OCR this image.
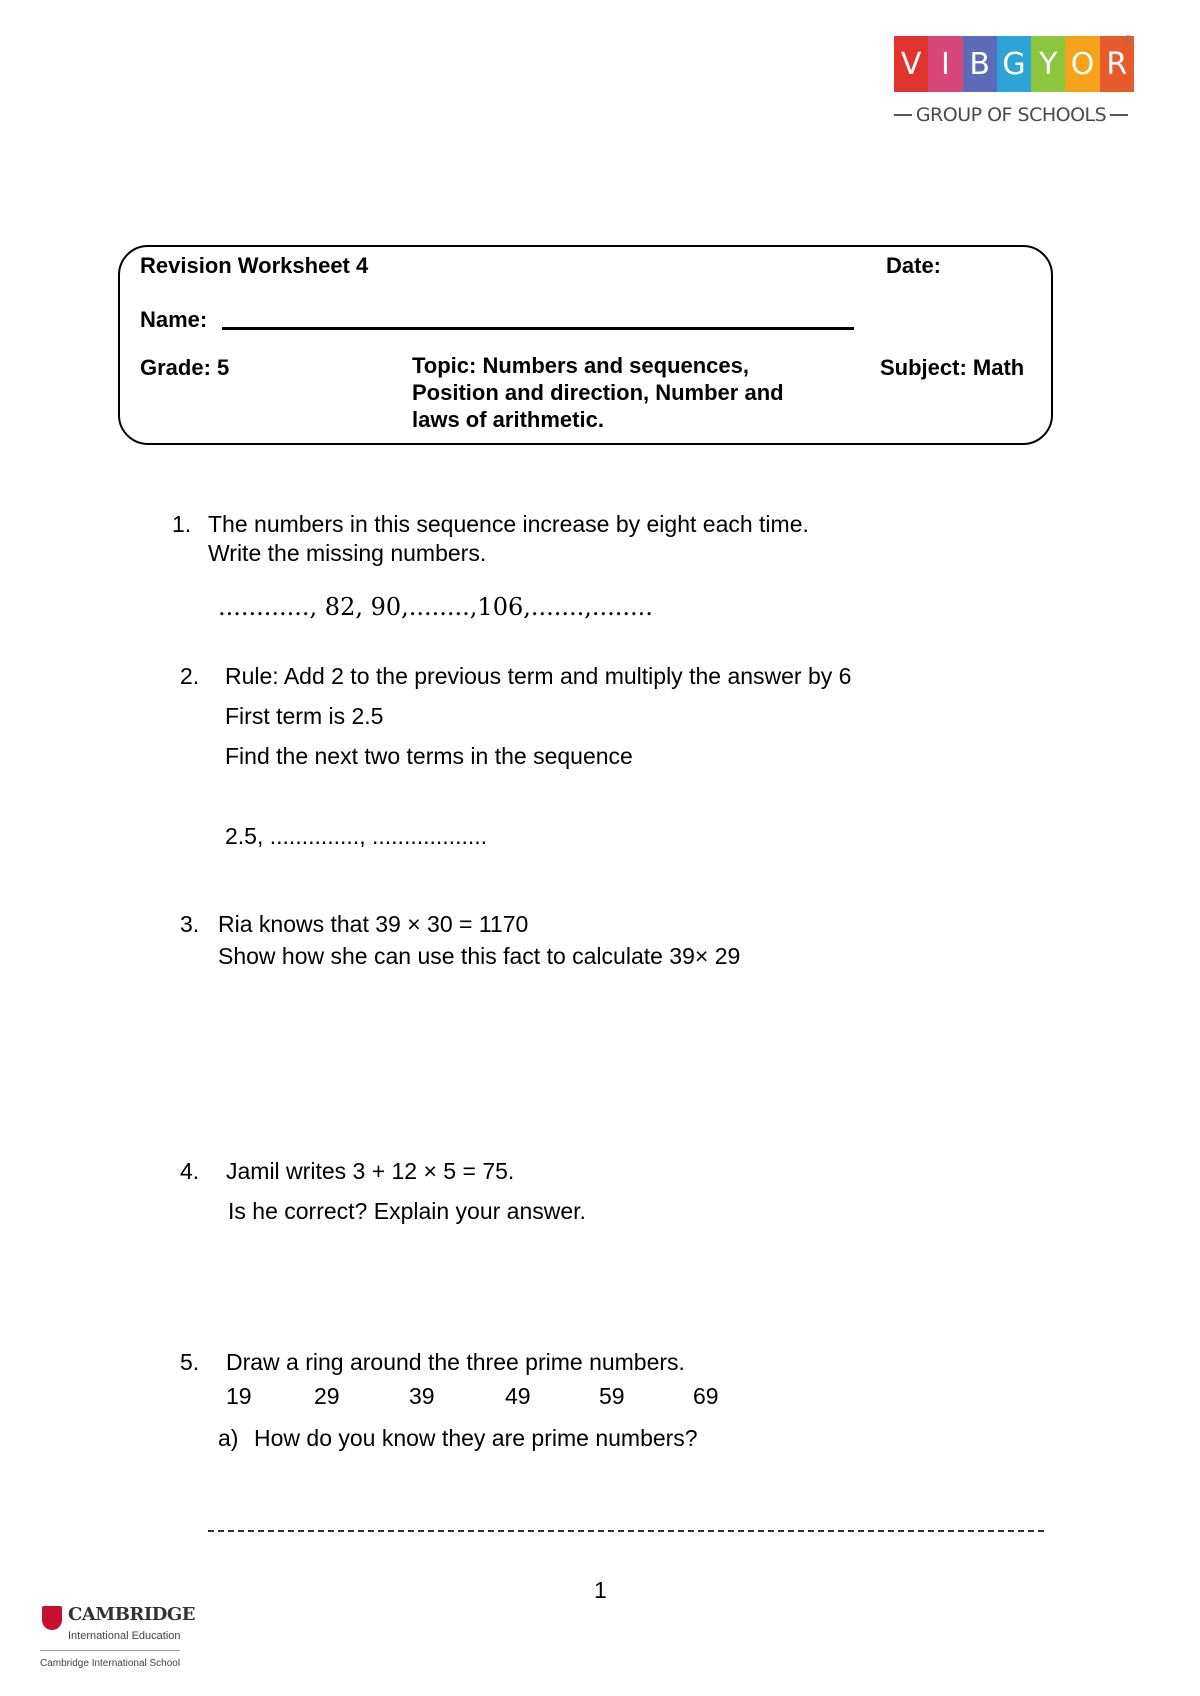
V I B G Y O R
GROUP OF SCHOOLS
®
Revision Worksheet 4	Date:
Name:
Grade: 5	Topic: Numbers and sequences,
Position and direction, Number and
laws of arithmetic.
Subject: Math
1. The numbers in this sequence increase by eight each time.
Write the missing numbers.
............, 82, 90,........,106,.......,........
2. Rule: Add 2 to the previous term and multiply the answer by 6
First term is 2.5
Find the next two terms in the sequence
2.5, .............., ..................
3. Ria knows that 39 × 30 = 1170
Show how she can use this fact to calculate 39× 29
4. Jamil writes 3 + 12 × 5 = 75.
Is he correct? Explain your answer.
5. Draw a ring around the three prime numbers.
19	29	39	49	59	69
a) How do you know they are prime numbers?
1
CAMBRIDGE
International Education
Cambridge International School
